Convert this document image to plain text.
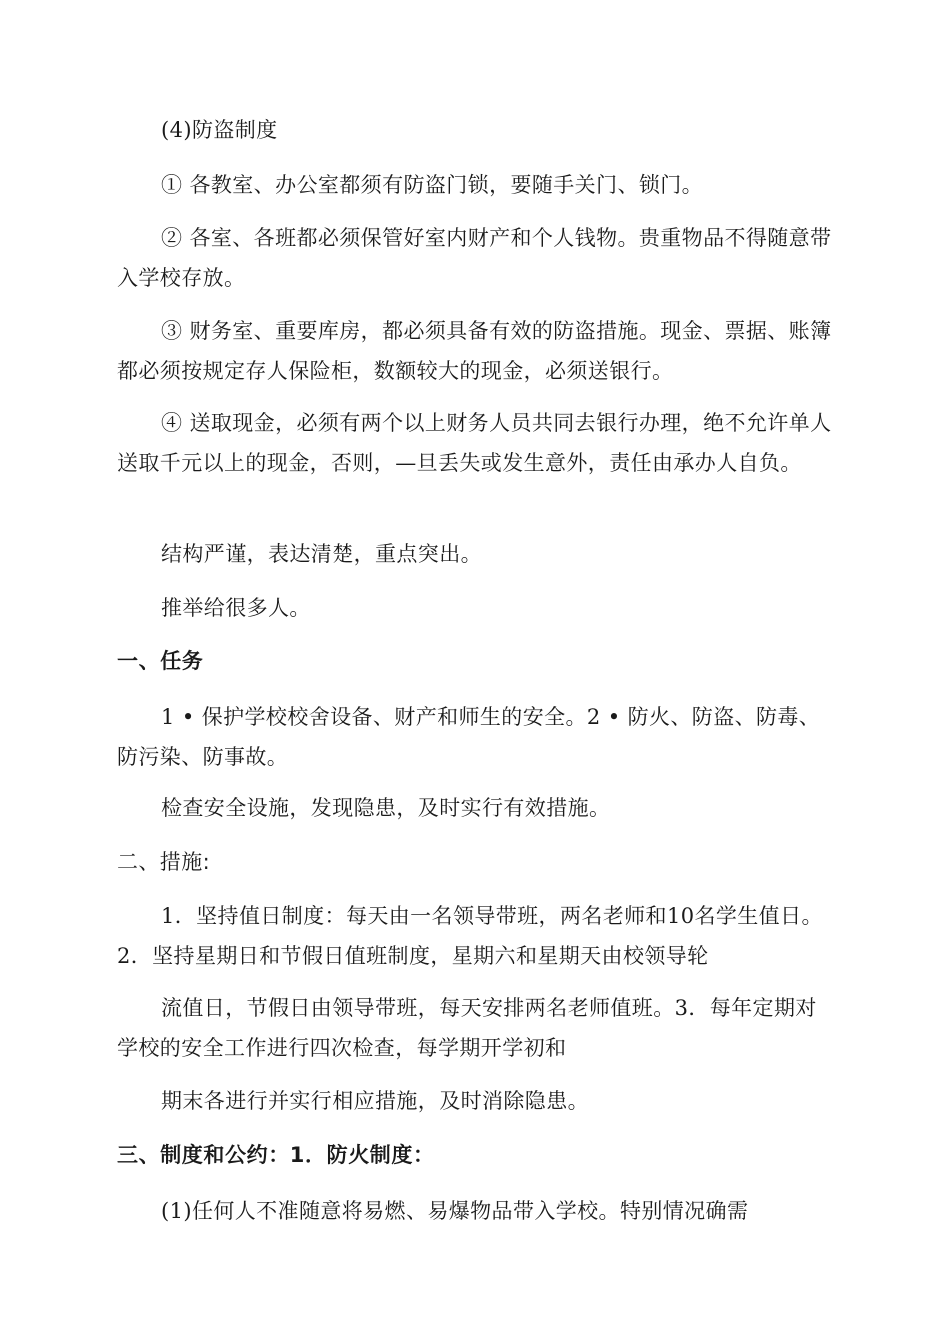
(4)防盗制度

① 各教室、办公室都须有防盗门锁，要随手关门、锁门。

② 各室、各班都必须保管好室内财产和个人钱物。贵重物品不得随意带入学校存放。

③ 财务室、重要库房，都必须具备有效的防盗措施。现金、票据、账簿都必须按规定存人保险柜，数额较大的现金，必须送银行。

④ 送取现金，必须有两个以上财务人员共同去银行办理，绝不允许单人送取千元以上的现金，否则，—旦丢失或发生意外，责任由承办人自负。

结构严谨，表达清楚，重点突出。

推举给很多人。

一、任务

1 • 保护学校校舍设备、财产和师生的安全。2 • 防火、防盗、防毒、防污染、防事故。

检查安全设施，发现隐患，及时实行有效措施。

二、措施:

1．坚持值日制度：每天由一名领导带班，两名老师和10名学生值日。2．坚持星期日和节假日值班制度，星期六和星期天由校领导轮

流值日，节假日由领导带班，每天安排两名老师值班。3．每年定期对学校的安全工作进行四次检查，每学期开学初和

期末各进行并实行相应措施，及时消除隐患。

三、制度和公约：1．防火制度：

(1)任何人不准随意将易燃、易爆物品带入学校。特别情况确需
